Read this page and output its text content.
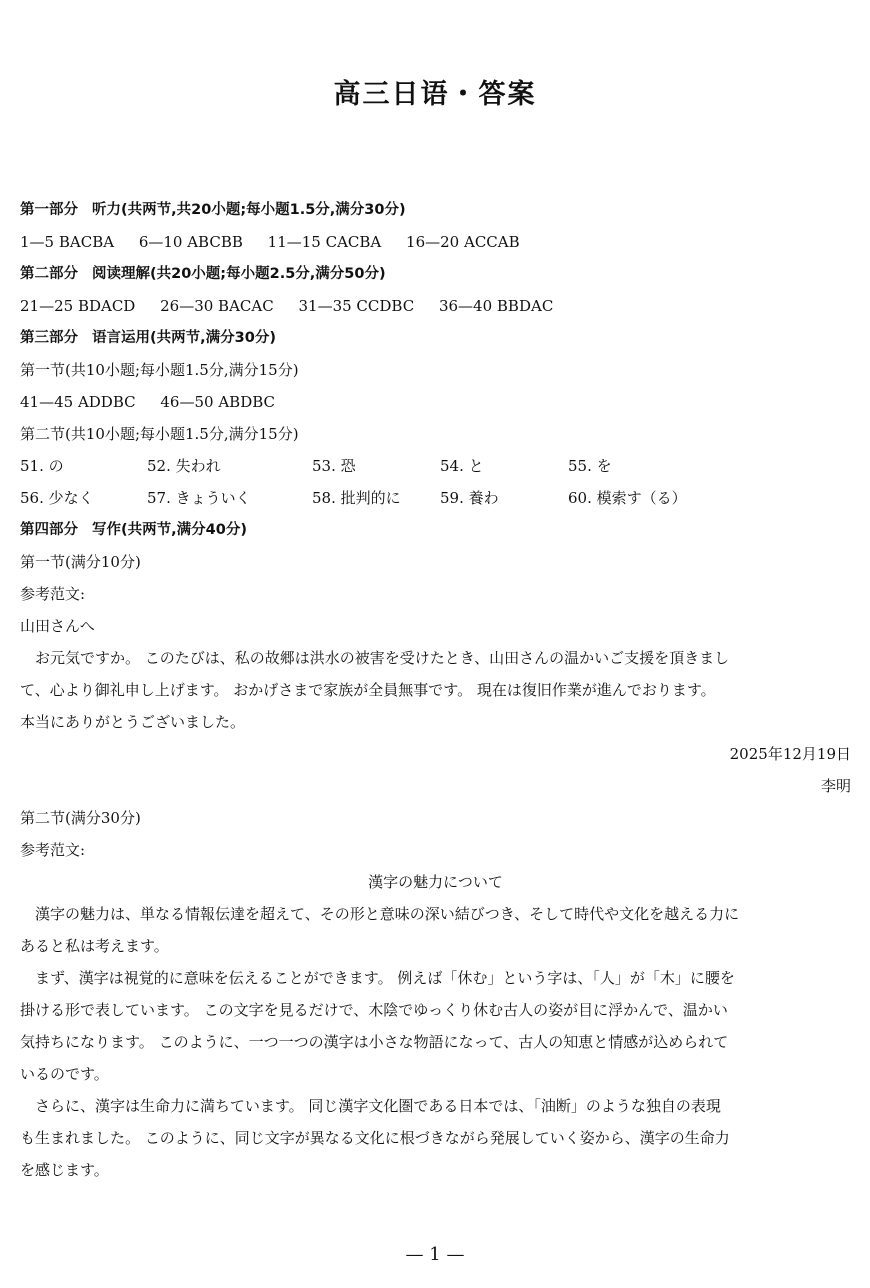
高三日语・答案
第一部分 听力(共两节,共20小题;每小题1.5分,满分30分)
1—5 BACBA 6—10 ABCBB 11—15 CACBA 16—20 ACCAB
第二部分 阅读理解(共20小题;每小题2.5分,满分50分)
21—25 BDACD 26—30 BACAC 31—35 CCDBC 36—40 BBDAC
第三部分 语言运用(共两节,满分30分)
第一节(共10小题;每小题1.5分,满分15分)
41—45 ADDBC 46—50 ABDBC
第二节(共10小题;每小题1.5分,满分15分)
51. の	52. 失われ	53. 恐	54. と	55. を
56. 少なく	57. きょういく	58. 批判的に	59. 養わ	60. 模索す（る）
第四部分 写作(共两节,满分40分)
第一节(满分10分)
参考范文:
山田さんへ
お元気ですか。 このたびは、私の故郷は洪水の被害を受けたとき、山田さんの温かいご支援を頂きまし
て、心より御礼申し上げます。 おかげさまで家族が全員無事です。 現在は復旧作業が進んでおります。
本当にありがとうございました。
2025年12月19日
李明
第二节(满分30分)
参考范文:
漢字の魅力について
漢字の魅力は、単なる情報伝達を超えて、その形と意味の深い結びつき、そして時代や文化を越える力に
あると私は考えます。
まず、漢字は視覚的に意味を伝えることができます。 例えば「休む」という字は、「人」が「木」に腰を
掛ける形で表しています。 この文字を見るだけで、木陰でゆっくり休む古人の姿が目に浮かんで、温かい
気持ちになります。 このように、一つ一つの漢字は小さな物語になって、古人の知恵と情感が込められて
いるのです。
さらに、漢字は生命力に満ちています。 同じ漢字文化圏である日本では、「油断」のような独自の表現
も生まれました。 このように、同じ文字が異なる文化に根づきながら発展していく姿から、漢字の生命力
を感じます。
— 1 —
